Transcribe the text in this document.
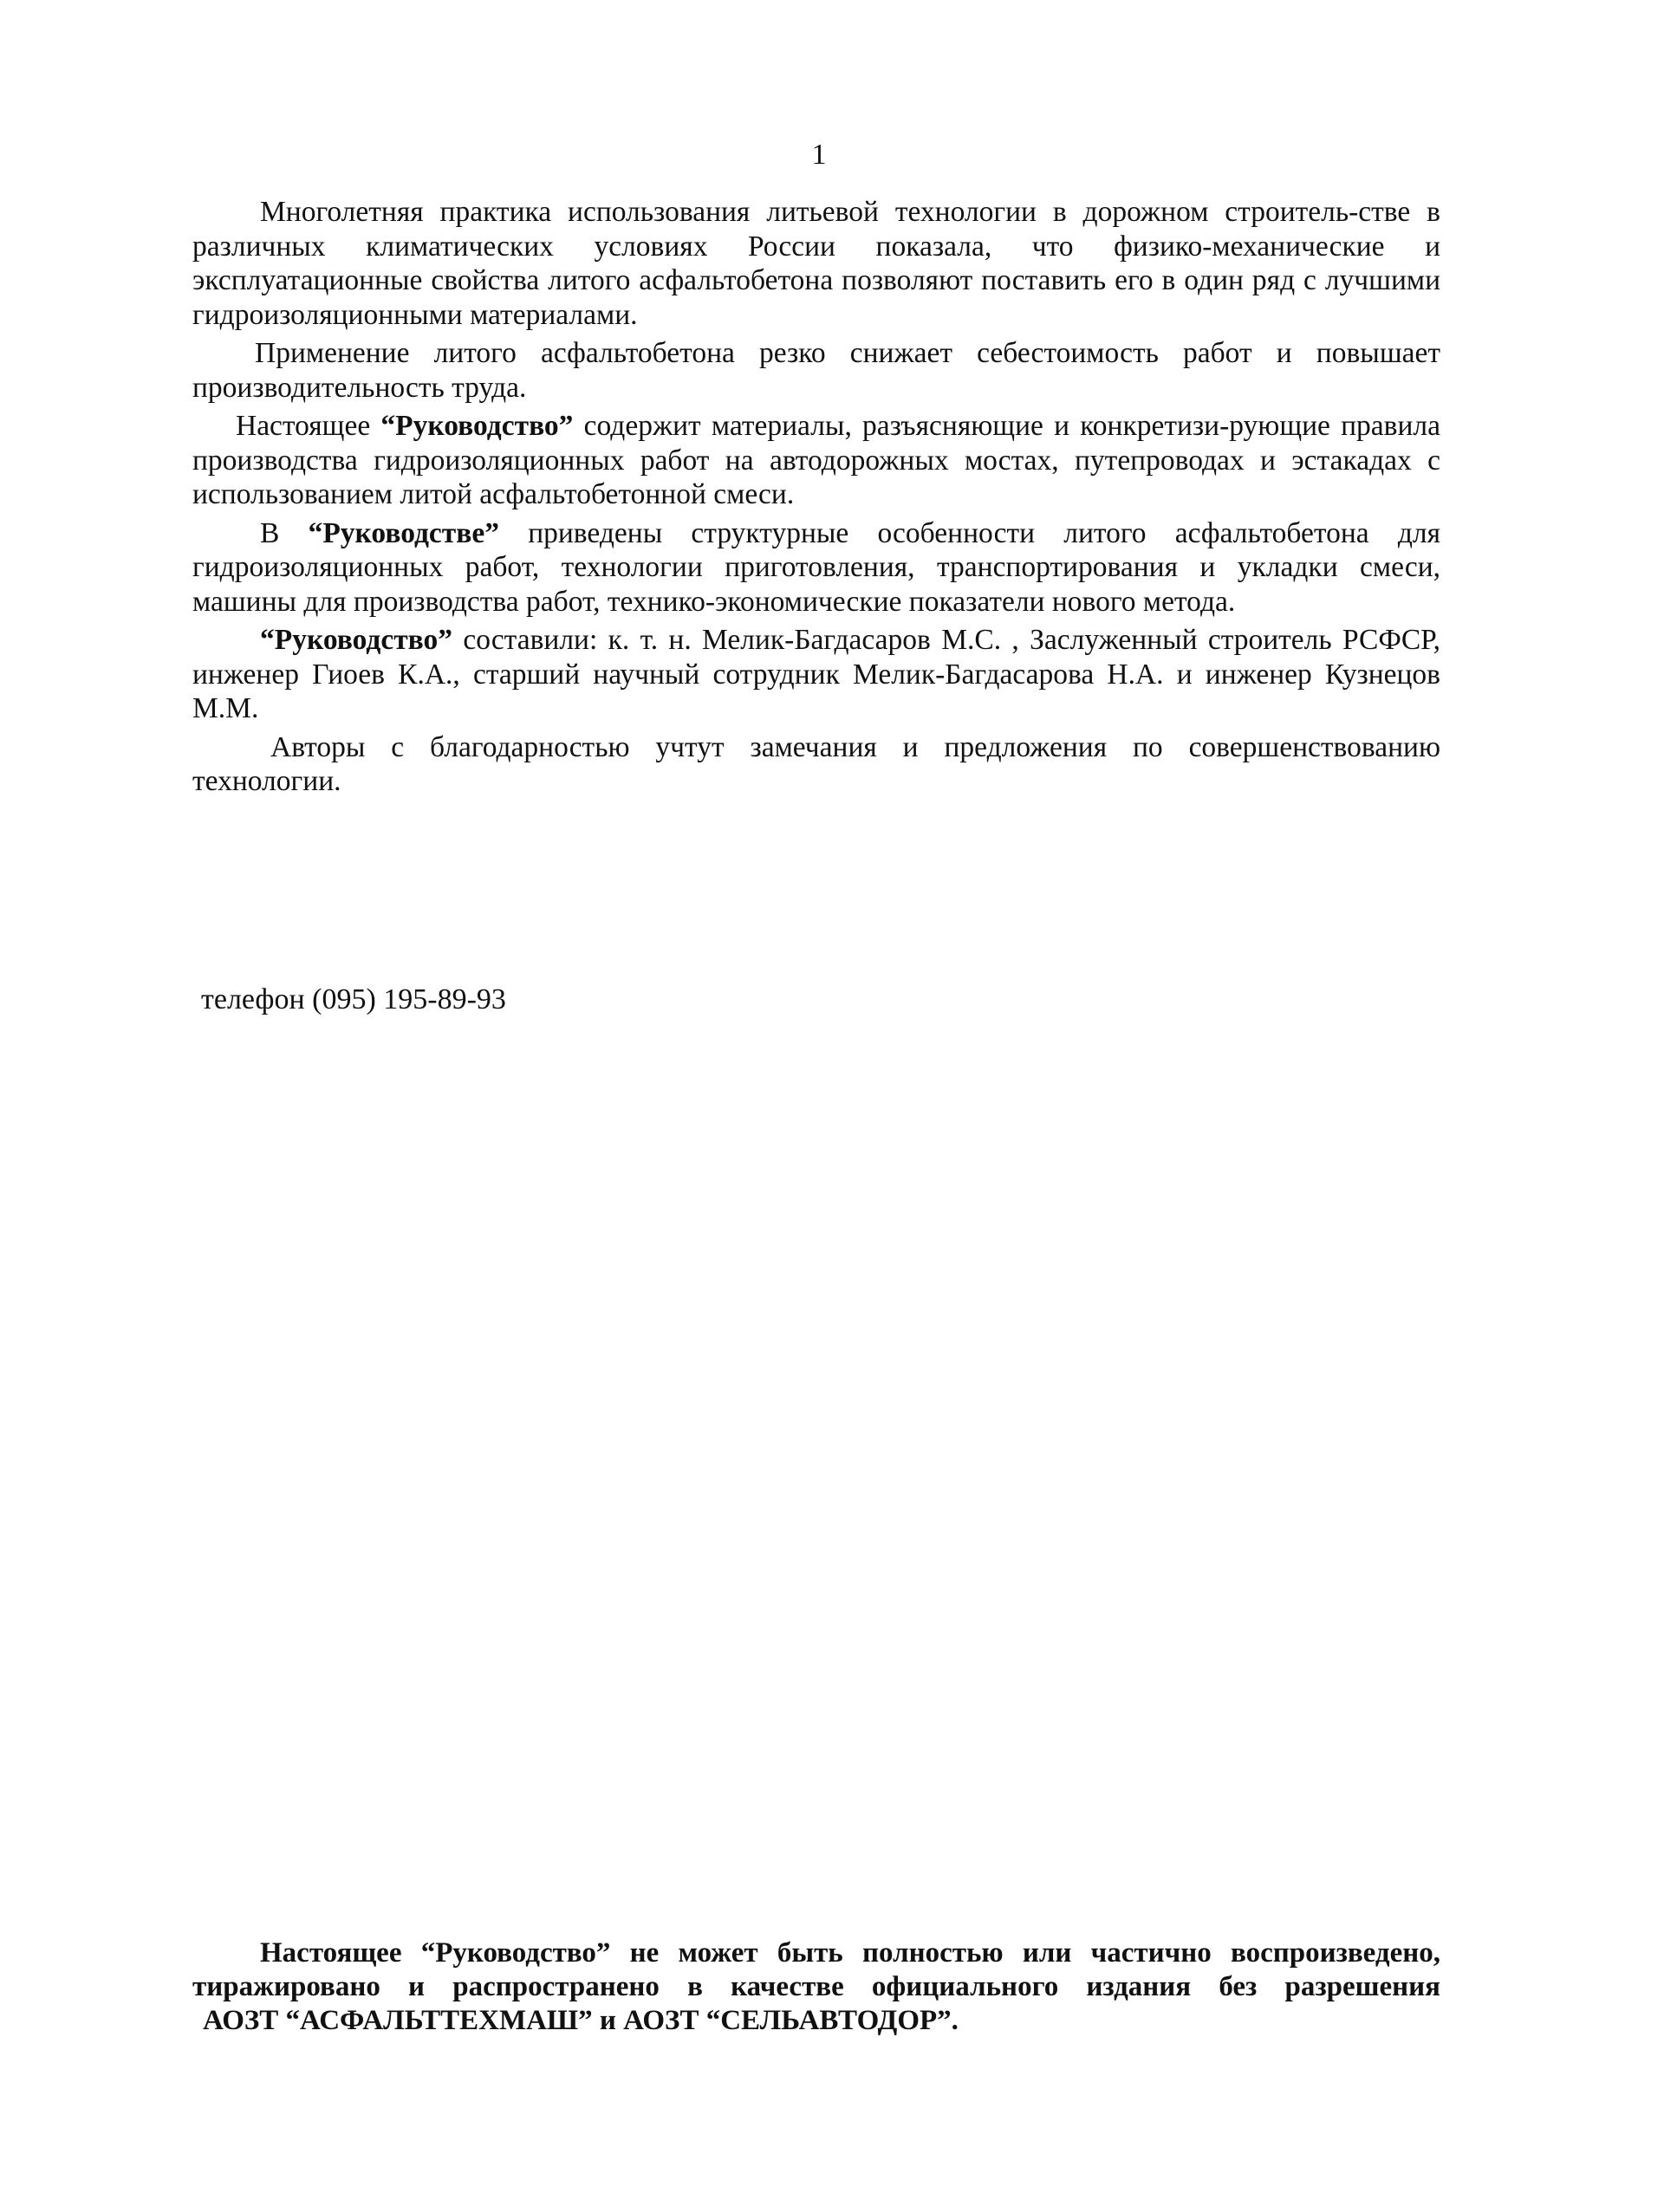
1

Многолетняя практика использования литьевой технологии в дорожном строитель-стве в различных климатических условиях России показала, что физико-механические и эксплуатационные свойства литого асфальтобетона позволяют поставить его в один ряд с лучшими гидроизоляционными материалами.

Применение литого асфальтобетона резко снижает себестоимость работ и повышает производительность труда.

Настоящее “Руководство” содержит материалы, разъясняющие и конкретизи-рующие правила производства гидроизоляционных работ на автодорожных мостах, путепроводах и эстакадах с использованием литой асфальтобетонной смеси.

В “Руководстве” приведены структурные особенности литого асфальтобетона для гидроизоляционных работ, технологии приготовления, транспортирования и укладки смеси, машины для производства работ, технико-экономические показатели нового метода.

“Руководство” составили: к. т. н. Мелик-Багдасаров М.С. , Заслуженный строитель РСФСР, инженер Гиоев К.А., старший научный сотрудник Мелик-Багдасарова Н.А. и инженер Кузнецов М.М.

Авторы с благодарностью учтут замечания и предложения по совершенствованию технологии.

телефон (095) 195-89-93

Настоящее “Руководство” не может быть полностью или частично воспроизведено, тиражировано и распространено в качестве официального издания без разрешения

АОЗТ “АСФАЛЬТТЕХМАШ” и АОЗТ “СЕЛЬАВТОДОР”.
